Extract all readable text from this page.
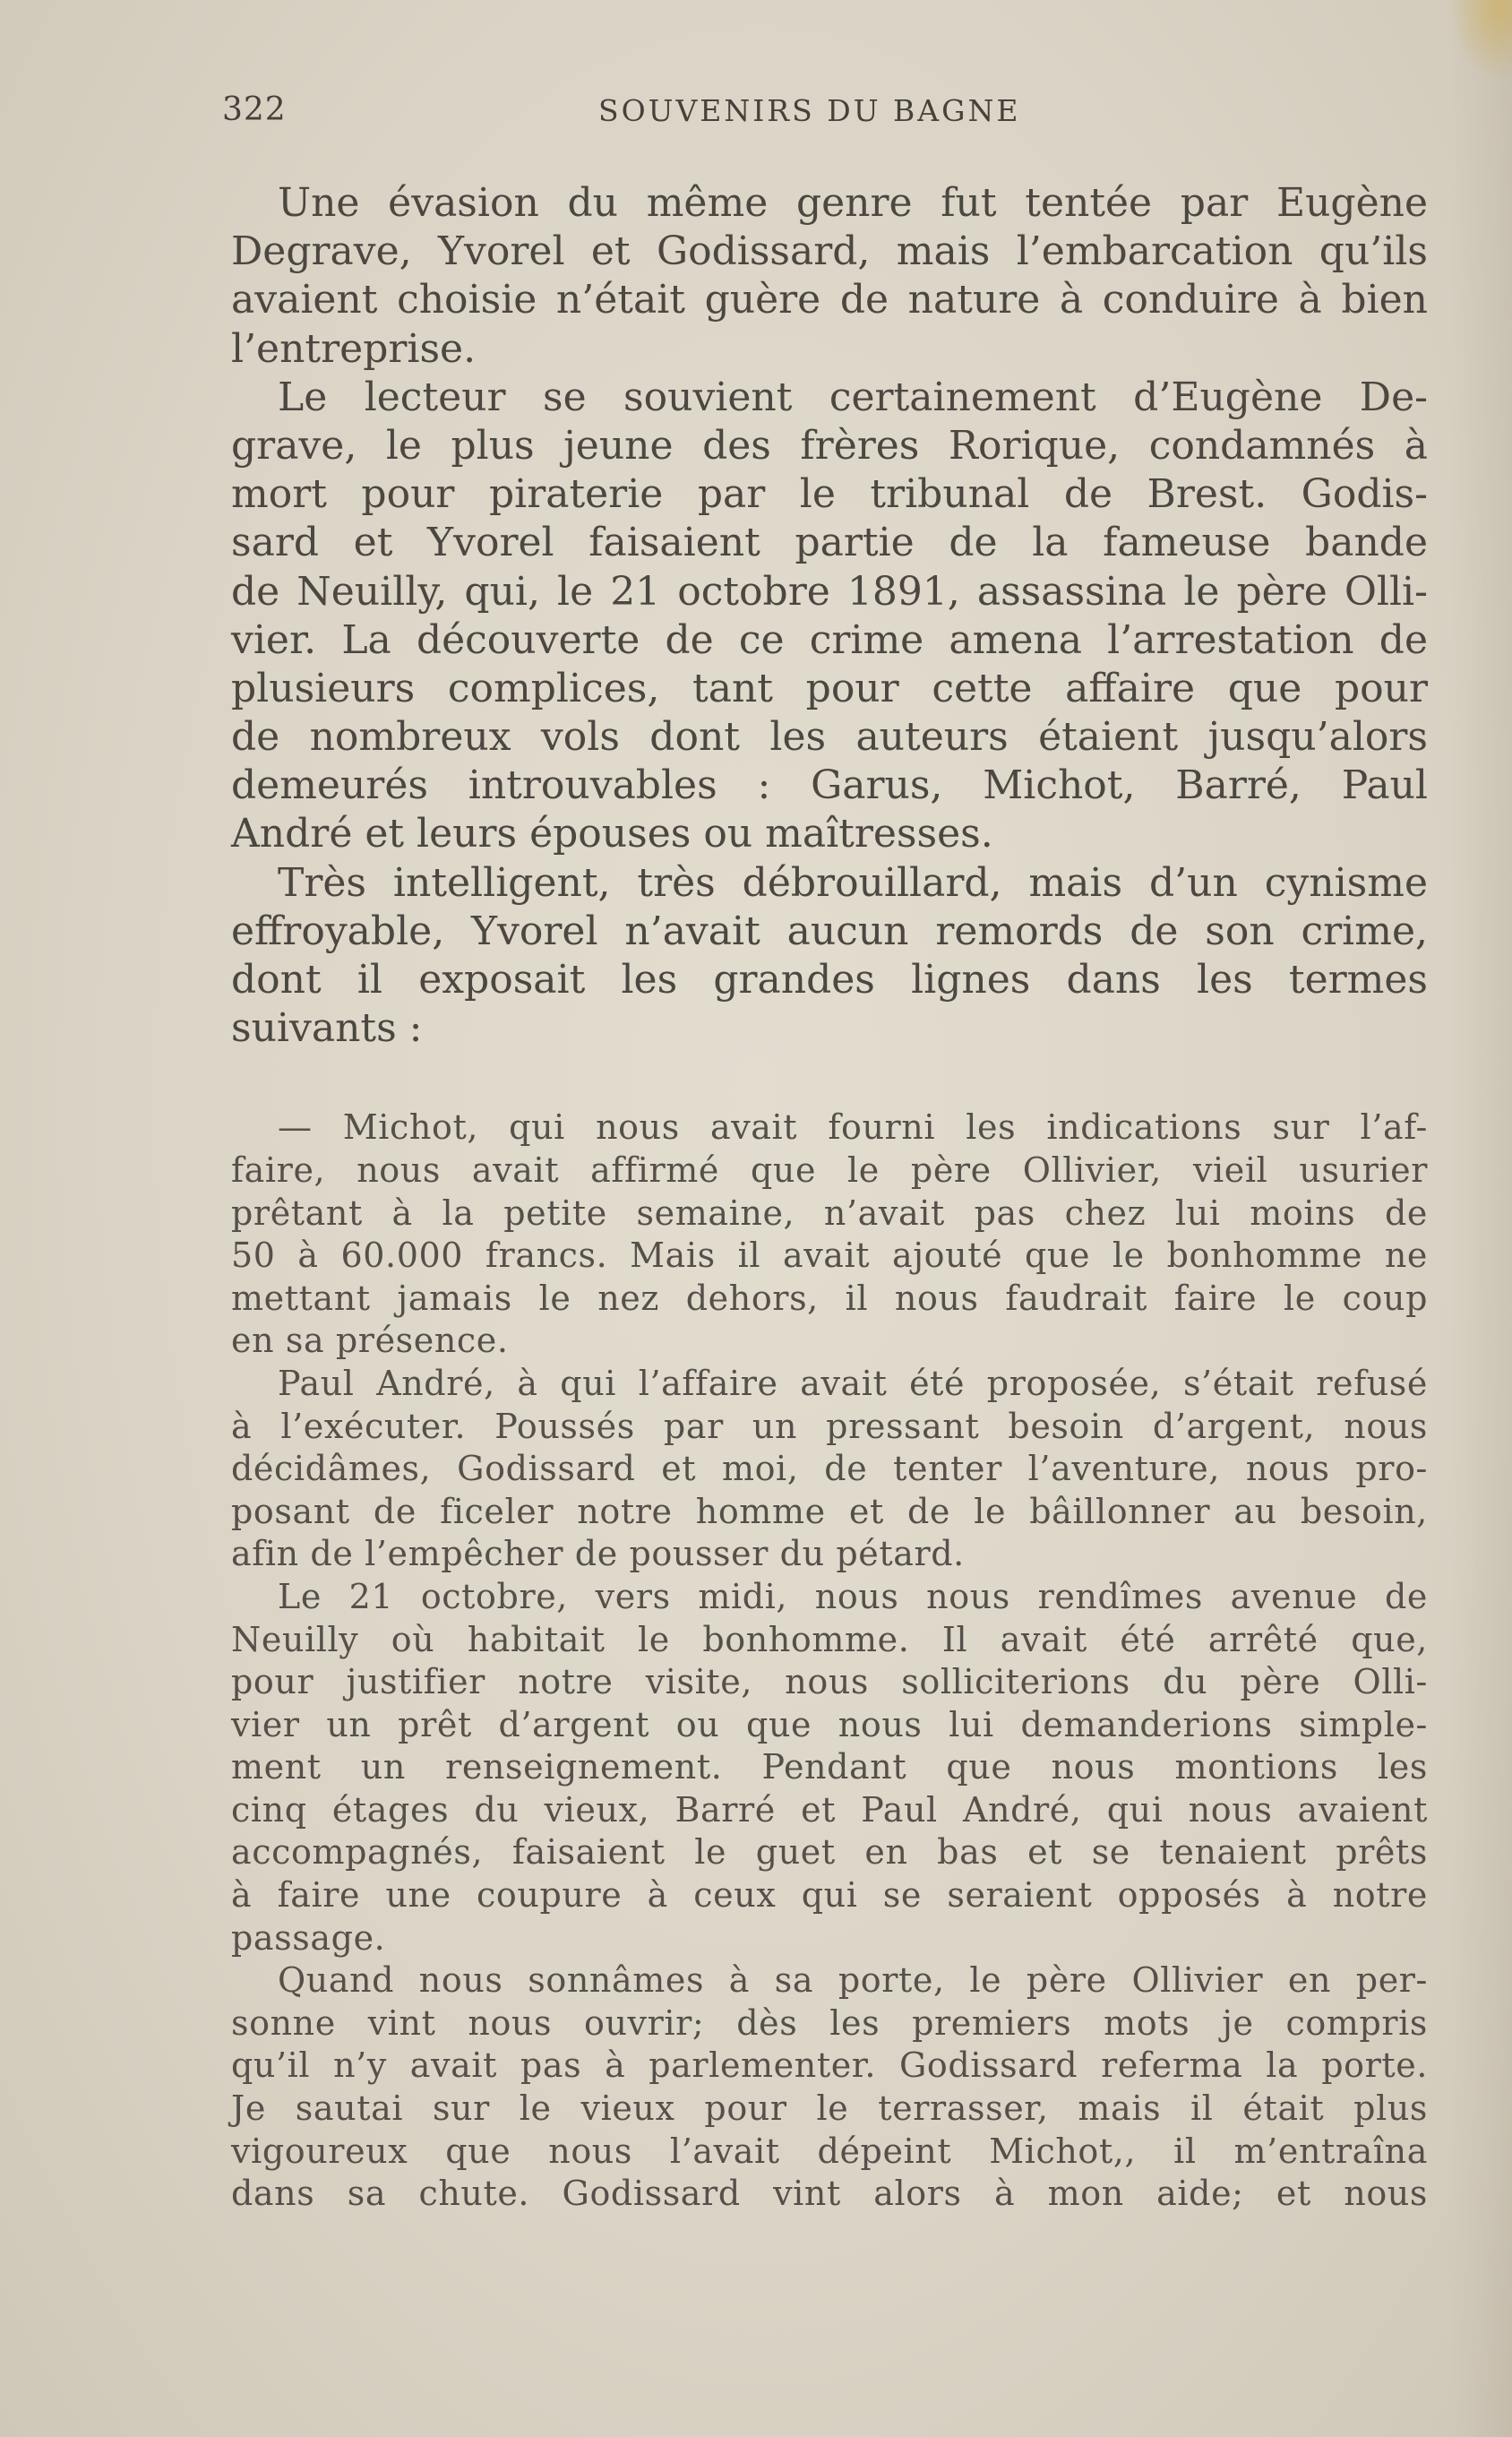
322	SOUVENIRS DU BAGNE
Une évasion du même genre fut tentée par Eugène
Degrave, Yvorel et Godissard, mais l’embarcation qu’ils
avaient choisie n’était guère de nature à conduire à bien
l’entreprise.
Le lecteur se souvient certainement d’Eugène De-
grave, le plus jeune des frères Rorique, condamnés à
mort pour piraterie par le tribunal de Brest. Godis-
sard et Yvorel faisaient partie de la fameuse bande
de Neuilly, qui, le 21 octobre 1891, assassina le père Olli-
vier. La découverte de ce crime amena l’arrestation de
plusieurs complices, tant pour cette affaire que pour
de nombreux vols dont les auteurs étaient jusqu’alors
demeurés introuvables : Garus, Michot, Barré, Paul
André et leurs épouses ou maîtresses.
Très intelligent, très débrouillard, mais d’un cynisme
effroyable, Yvorel n’avait aucun remords de son crime,
dont il exposait les grandes lignes dans les termes
suivants :
— Michot, qui nous avait fourni les indications sur l’af-
faire, nous avait affirmé que le père Ollivier, vieil usurier
prêtant à la petite semaine, n’avait pas chez lui moins de
50 à 60.000 francs. Mais il avait ajouté que le bonhomme ne
mettant jamais le nez dehors, il nous faudrait faire le coup
en sa présence.
Paul André, à qui l’affaire avait été proposée, s’était refusé
à l’exécuter. Poussés par un pressant besoin d’argent, nous
décidâmes, Godissard et moi, de tenter l’aventure, nous pro-
posant de ficeler notre homme et de le bâillonner au besoin,
afin de l’empêcher de pousser du pétard.
Le 21 octobre, vers midi, nous nous rendîmes avenue de
Neuilly où habitait le bonhomme. Il avait été arrêté que,
pour justifier notre visite, nous solliciterions du père Olli-
vier un prêt d’argent ou que nous lui demanderions simple-
ment un renseignement. Pendant que nous montions les
cinq étages du vieux, Barré et Paul André, qui nous avaient
accompagnés, faisaient le guet en bas et se tenaient prêts
à faire une coupure à ceux qui se seraient opposés à notre
passage.
Quand nous sonnâmes à sa porte, le père Ollivier en per-
sonne vint nous ouvrir; dès les premiers mots je compris
qu’il n’y avait pas à parlementer. Godissard referma la porte.
Je sautai sur le vieux pour le terrasser, mais il était plus
vigoureux que nous l’avait dépeint Michot,, il m’entraîna
dans sa chute. Godissard vint alors à mon aide; et nous
